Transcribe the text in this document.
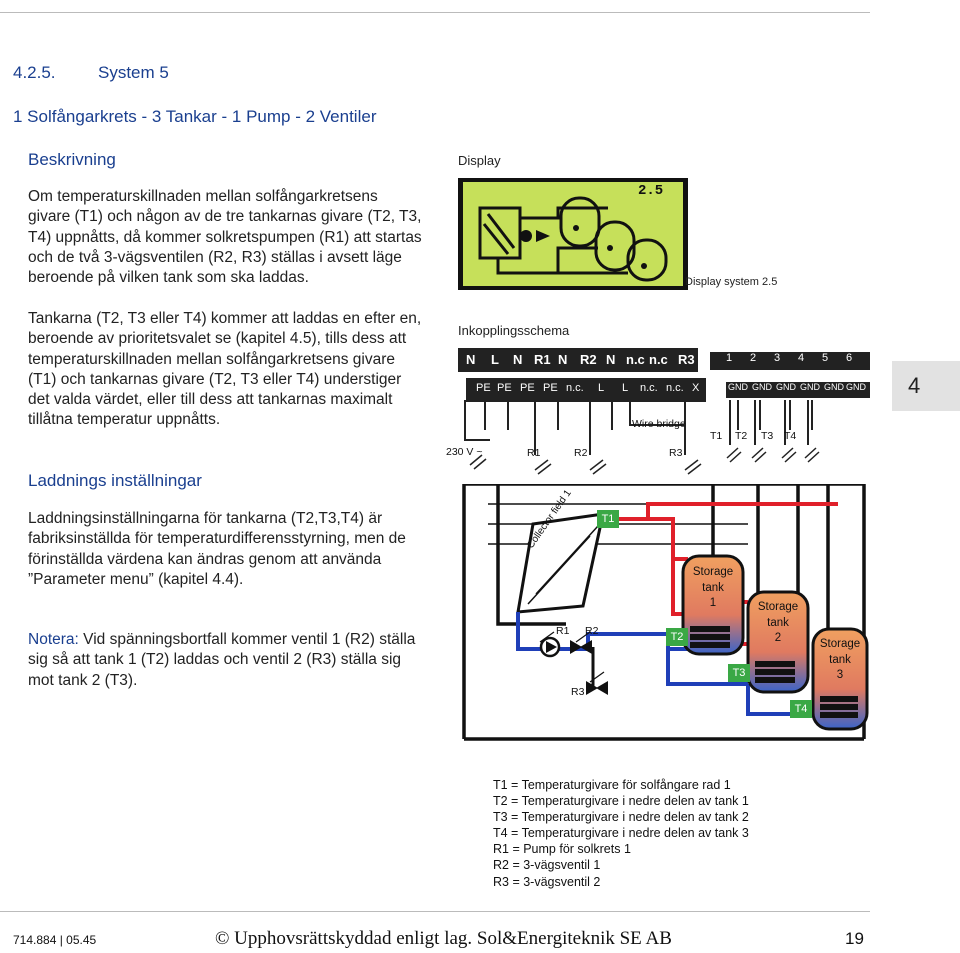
4.2.5. System 5
1 Solfångarkrets - 3 Tankar - 1 Pump - 2 Ventiler
Beskrivning
Om temperaturskillnaden mellan solfångarkretsens givare (T1) och någon av de tre tankarnas givare (T2, T3, T4) uppnåtts, då kommer solkretspumpen (R1) att startas och de två 3-vägsventilen (R2, R3) ställas i avsett läge beroende på vilken tank som ska laddas.
Tankarna (T2, T3 eller T4) kommer att laddas en efter en, beroende av prioritetsvalet se (kapitel 4.5), tills dess att temperaturskillnaden mellan solfångarkretsens givare (T1) och tankarnas givare (T2, T3 eller T4) understiger det valda värdet, eller till dess att tankarnas maximalt tillåtna temperatur uppnåtts.
Laddnings inställningar
Laddningsinställningarna för tankarna (T2,T3,T4) är fabriksinställda för temperaturdifferensstyrning, men de förinställda värdena kan ändras genom att använda ”Parameter menu” (kapitel 4.4).
Notera: Vid spänningsbortfall kommer ventil 1 (R2) ställa sig så att tank 1 (T2) laddas och ventil 2 (R3) ställa sig mot tank 2 (T3).
Display
2.5
Display system 2.5
Inkopplingsschema
N L N R1 N R2 N n.c n.c R3
PE PE PE PE n.c. L L n.c. n.c. X
1 2 3 4 5 6
GND GND GND GND GND GND
Wire bridge
230 V ~	R1	R2	R3
T1 T2 T3 T4
Collector field 1	T1
T2
T3
T4
R1 R2
R3
Storage
tank
1	Storage
tank
2	Storage
tank
3
T1 = Temperaturgivare för solfångare rad 1
T2 = Temperaturgivare i nedre delen av tank 1
T3 = Temperaturgivare i nedre delen av tank 2
T4 = Temperaturgivare i nedre delen av tank 3
R1 = Pump för solkrets 1
R2 = 3-vägsventil 1
R3 = 3-vägsventil 2
4
714.884 | 05.45	© Upphovsrättskyddad enligt lag. Sol&Energiteknik SE AB	19
